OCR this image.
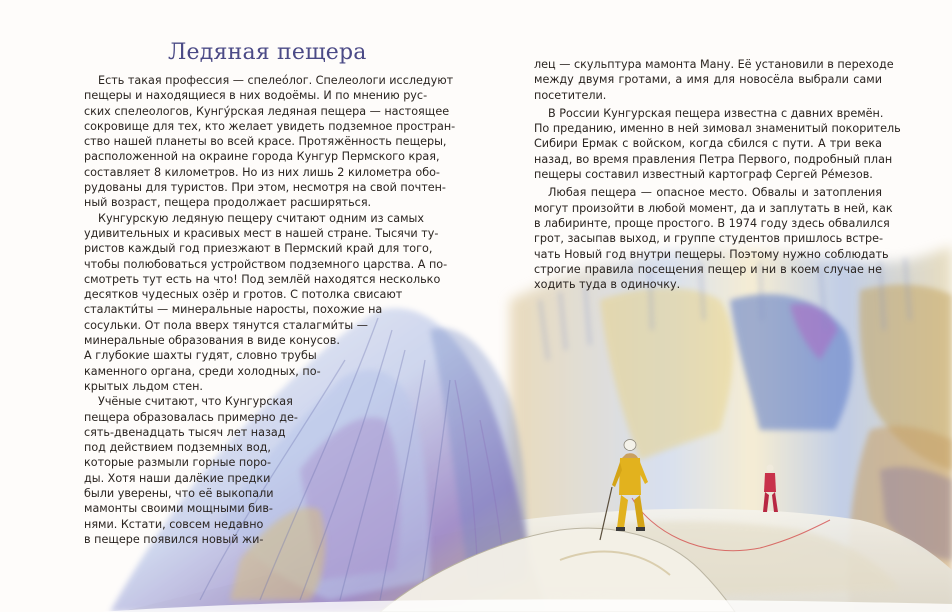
Ледяная пещера

Есть такая профессия — спелеóлог. Спелеологи исследуют
пещеры и находящиеся в них водоёмы. И по мнению рус-
ских спелеологов, Кунгýрская ледяная пещера — настоящее
сокровище для тех, кто желает увидеть подземное простран-
ство нашей планеты во всей красе. Протяжённость пещеры,
расположенной на окраине города Кунгур Пермского края,
составляет 8 километров. Но из них лишь 2 километра обо-
рудованы для туристов. При этом, несмотря на свой почтен-
ный возраст, пещера продолжает расширяться.

Кунгурскую ледяную пещеру считают одним из самых
удивительных и красивых мест в нашей стране. Тысячи ту-
ристов каждый год приезжают в Пермский край для того,
чтобы полюбоваться устройством подземного царства. А по-
смотреть тут есть на что! Под землёй находятся несколько
десятков чудесных озёр и гротов. С потолка свисают
сталакти́ты — минеральные наросты, похожие на
сосульки. От пола вверх тянутся сталагми́ты —
минеральные образования в виде конусов.
А глубокие шахты гудят, словно трубы
каменного органа, среди холодных, по-
крытых льдом стен.

Учёные считают, что Кунгурская
пещера образовалась примерно де-
сять-двенадцать тысяч лет назад
под действием подземных вод,
которые размыли горные поро-
ды. Хотя наши далёкие предки
были уверены, что её выкопали
мамонты своими мощными бив-
нями. Кстати, совсем недавно
в пещере появился новый жи-

лец — скульптура мамонта Ману. Её установили в переходе
между двумя гротами, а имя для новосёла выбрали сами
посетители.

В России Кунгурская пещера известна с давних времён.
По преданию, именно в ней зимовал знаменитый покоритель
Сибири Ермак с войском, когда сбился с пути. А три века
назад, во время правления Петра Первого, подробный план
пещеры составил известный картограф Сергей Ре́мезов.

Любая пещера — опасное место. Обвалы и затопления
могут произойти в любой момент, да и заплутать в ней, как
в лабиринте, проще простого. В 1974 году здесь обвалился
грот, засыпав выход, и группе студентов пришлось встре-
чать Новый год внутри пещеры. Поэтому нужно соблюдать
строгие правила посещения пещер и ни в коем случае не
ходить туда в одиночку.
